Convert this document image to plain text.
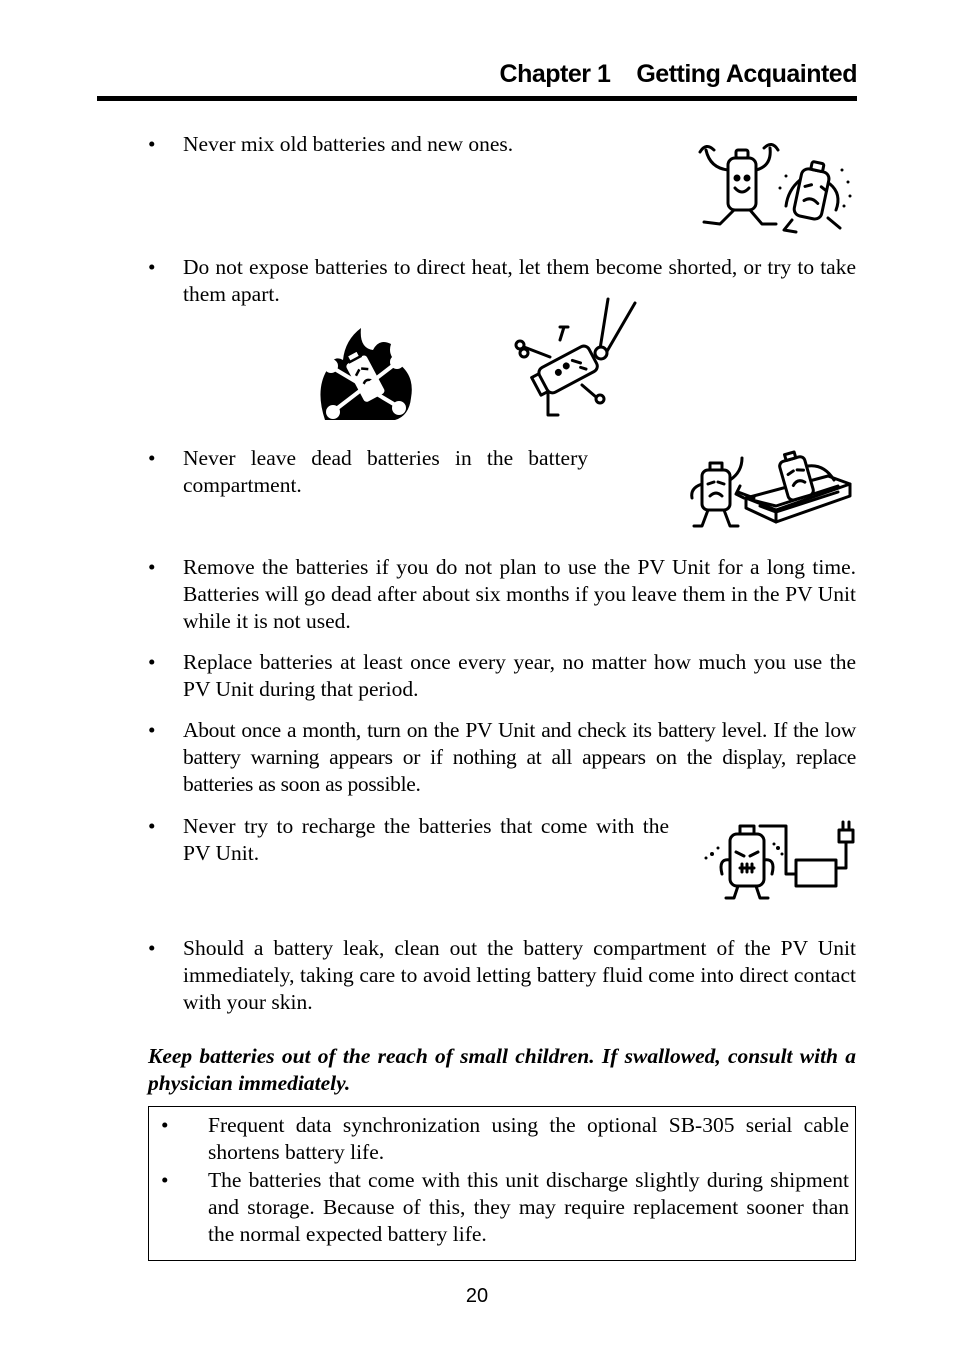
Chapter 1 Getting Acquainted
• Never mix old batteries and new ones.
• Do not expose batteries to direct heat, let them become shorted, or try to take them apart.
• Never leave dead batteries in the battery compartment.
• Remove the batteries if you do not plan to use the PV Unit for a long time. Batteries will go dead after about six months if you leave them in the PV Unit while it is not used.
• Replace batteries at least once every year, no matter how much you use the PV Unit during that period.
• About once a month, turn on the PV Unit and check its battery level. If the low battery warning appears or if nothing at all appears on the display, replace batteries as soon as possible.
• Never try to recharge the batteries that come with the PV Unit.
• Should a battery leak, clean out the battery compartment of the PV Unit immediately, taking care to avoid letting battery fluid come into direct contact with your skin.
Keep batteries out of the reach of small children. If swallowed, consult with a physician immediately.
• Frequent data synchronization using the optional SB-305 serial cable shortens battery life.
• The batteries that come with this unit discharge slightly during shipment and storage. Because of this, they may require replacement sooner than the normal expected battery life.
20
